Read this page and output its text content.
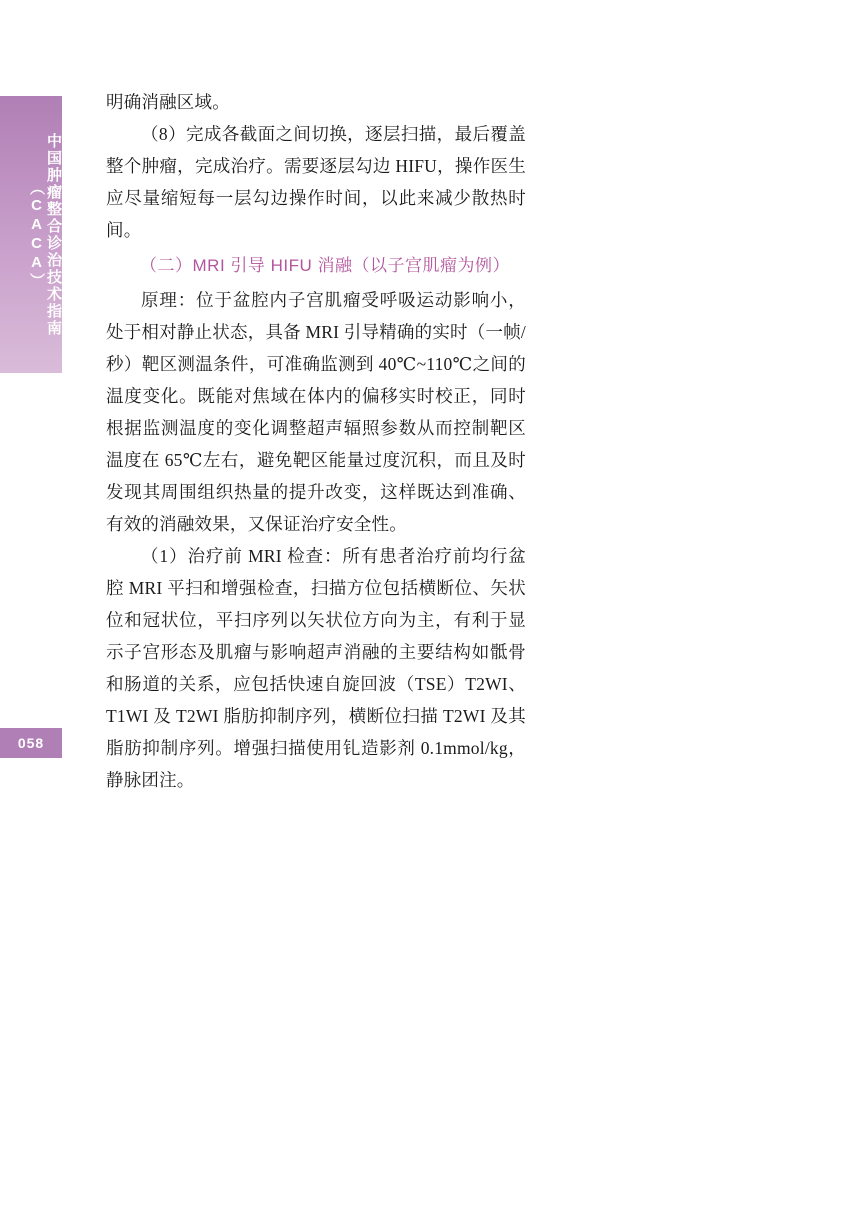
中国肿瘤整合诊治技术指南（CACA）
058

明确消融区域。

（8）完成各截面之间切换，逐层扫描，最后覆盖整个肿瘤，完成治疗。需要逐层勾边 HIFU，操作医生应尽量缩短每一层勾边操作时间，以此来减少散热时间。

（二）MRI 引导 HIFU 消融（以子宫肌瘤为例）

原理：位于盆腔内子宫肌瘤受呼吸运动影响小，处于相对静止状态，具备 MRI 引导精确的实时（一帧/秒）靶区测温条件，可准确监测到 40℃~110℃之间的温度变化。既能对焦域在体内的偏移实时校正，同时根据监测温度的变化调整超声辐照参数从而控制靶区温度在 65℃左右，避免靶区能量过度沉积，而且及时发现其周围组织热量的提升改变，这样既达到准确、有效的消融效果，又保证治疗安全性。

（1）治疗前 MRI 检查：所有患者治疗前均行盆腔 MRI 平扫和增强检查，扫描方位包括横断位、矢状位和冠状位，平扫序列以矢状位方向为主，有利于显示子宫形态及肌瘤与影响超声消融的主要结构如骶骨和肠道的关系，应包括快速自旋回波（TSE）T2WI、T1WI 及 T2WI 脂肪抑制序列，横断位扫描 T2WI 及其脂肪抑制序列。增强扫描使用钆造影剂 0.1mmol/kg，静脉团注。
